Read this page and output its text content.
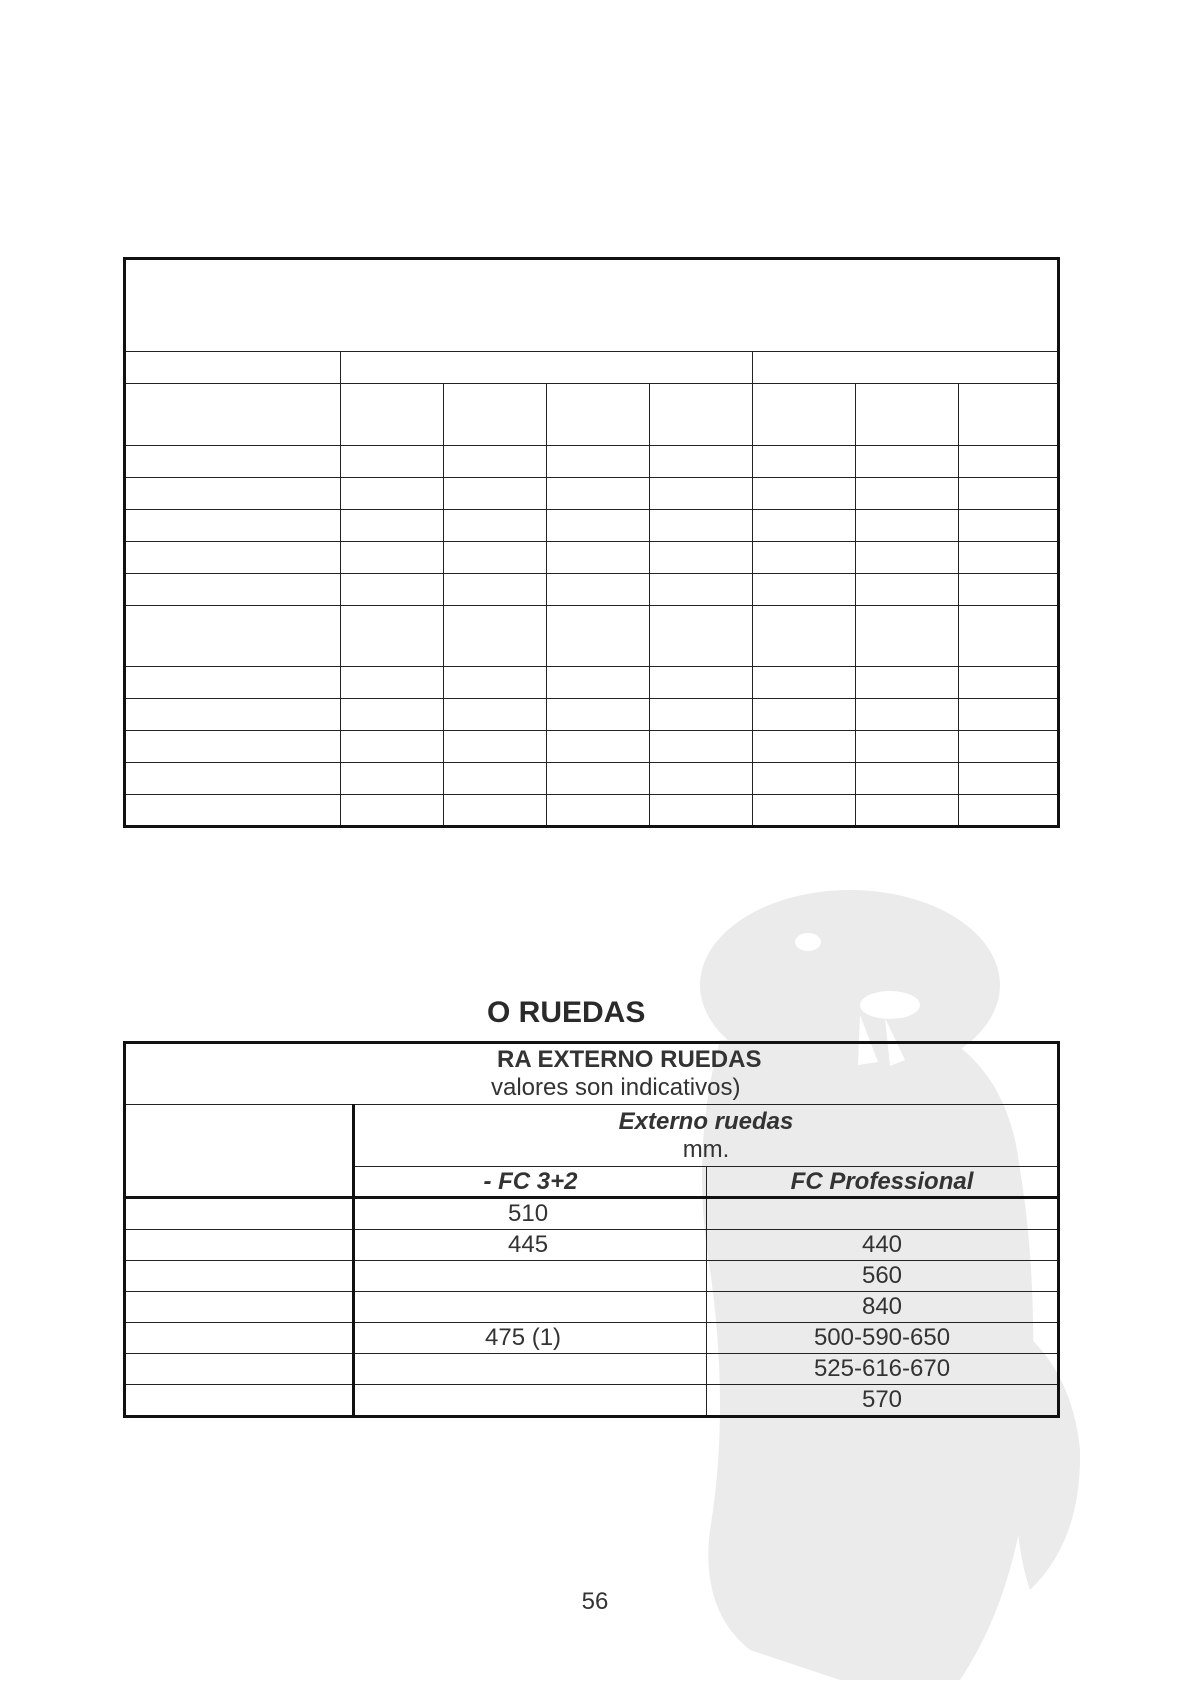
O RUEDAS
RA EXTERNO RUEDAS
valores son indicativos)		

	Externo ruedas
mm.	

	- FC 3+2	FC Professional
	510	
	445	440
		560
		840
	475 (1)	500-590-650
		525-616-670
		570
56
